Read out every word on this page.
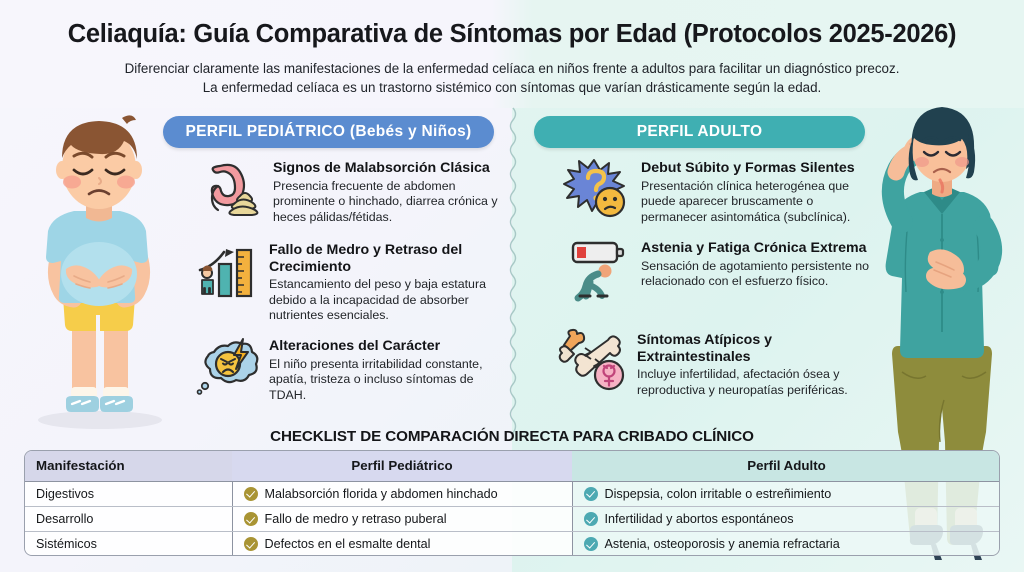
Celiaquía: Guía Comparativa de Síntomas por Edad (Protocolos 2025-2026)
Diferenciar claramente las manifestaciones de la enfermedad celíaca en niños frente a adultos para facilitar un diagnóstico precoz.
La enfermedad celíaca es un trastorno sistémico con síntomas que varían drásticamente según la edad.
PERFIL PEDIÁTRICO (Bebés y Niños)
Signos de Malabsorción Clásica

Presencia frecuente de abdomen prominente o hinchado, diarrea crónica y heces pálidas/fétidas.

Fallo de Medro y Retraso del Crecimiento

Estancamiento del peso y baja estatura debido a la incapacidad de absorber nutrientes esenciales.

Alteraciones del Carácter

El niño presenta irritabilidad constante, apatía, tristeza o incluso síntomas de TDAH.

PERFIL ADULTO
Debut Súbito y Formas Silentes

Presentación clínica heterogénea que puede aparecer bruscamente o permanecer asintomática (subclínica).

Astenia y Fatiga Crónica Extrema

Sensación de agotamiento persistente no relacionado con el esfuerzo físico.

Síntomas Atípicos y Extraintestinales

Incluye infertilidad, afectación ósea y reproductiva y neuropatías periféricas.

CHECKLIST DE COMPARACIÓN DIRECTA PARA CRIBADO CLÍNICO
Manifestación	Perfil Pediátrico	Perfil Adulto
Digestivos	Malabsorción florida y abdomen hinchado	Dispepsia, colon irritable o estreñimiento

Desarrollo	Fallo de medro y retraso puberal	Infertilidad y abortos espontáneos

Sistémicos	Defectos en el esmalte dental	Astenia, osteoporosis y anemia refractaria
